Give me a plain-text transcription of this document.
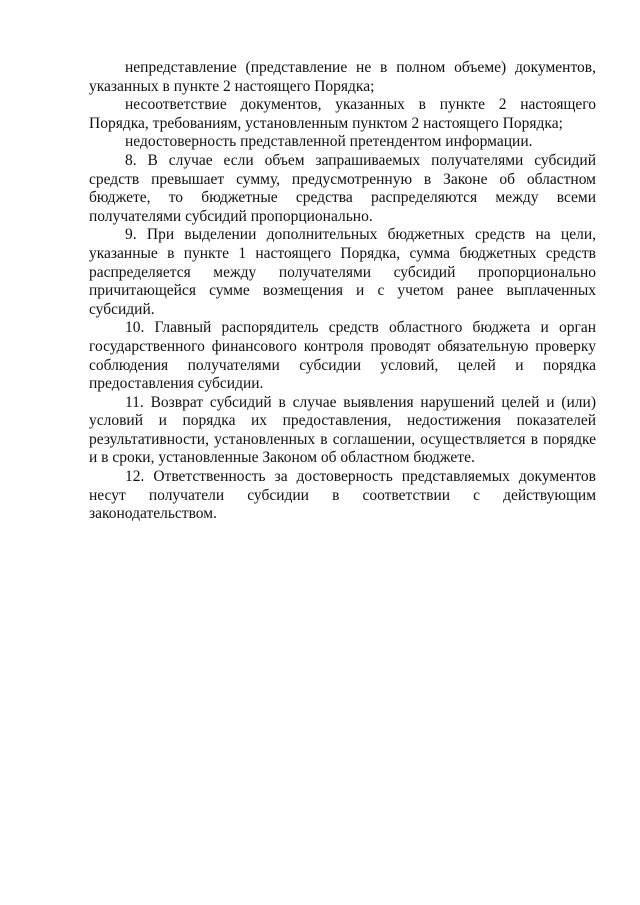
непредставление (представление не в полном объеме) документов, указанных в пункте 2 настоящего Порядка;

несоответствие документов, указанных в пункте 2 настоящего Порядка, требованиям, установленным пунктом 2 настоящего Порядка;

недостоверность представленной претендентом информации.

8. В случае если объем запрашиваемых получателями субсидий средств превышает сумму, предусмотренную в Законе об областном бюджете, то бюджетные средства распределяются между всеми получателями субсидий пропорционально.

9. При выделении дополнительных бюджетных средств на цели, указанные в пункте 1 настоящего Порядка, сумма бюджетных средств распределяется между получателями субсидий пропорционально причитающейся сумме возмещения и с учетом ранее выплаченных субсидий.

10. Главный распорядитель средств областного бюджета и орган государственного финансового контроля проводят обязательную проверку соблюдения получателями субсидии условий, целей и порядка предоставления субсидии.

11. Возврат субсидий в случае выявления нарушений целей и (или) условий и порядка их предоставления, недостижения показателей результативности, установленных в соглашении, осуществляется в порядке и в сроки, установленные Законом об областном бюджете.

12. Ответственность за достоверность представляемых документов несут получатели субсидии в соответствии с действующим законодательством.
